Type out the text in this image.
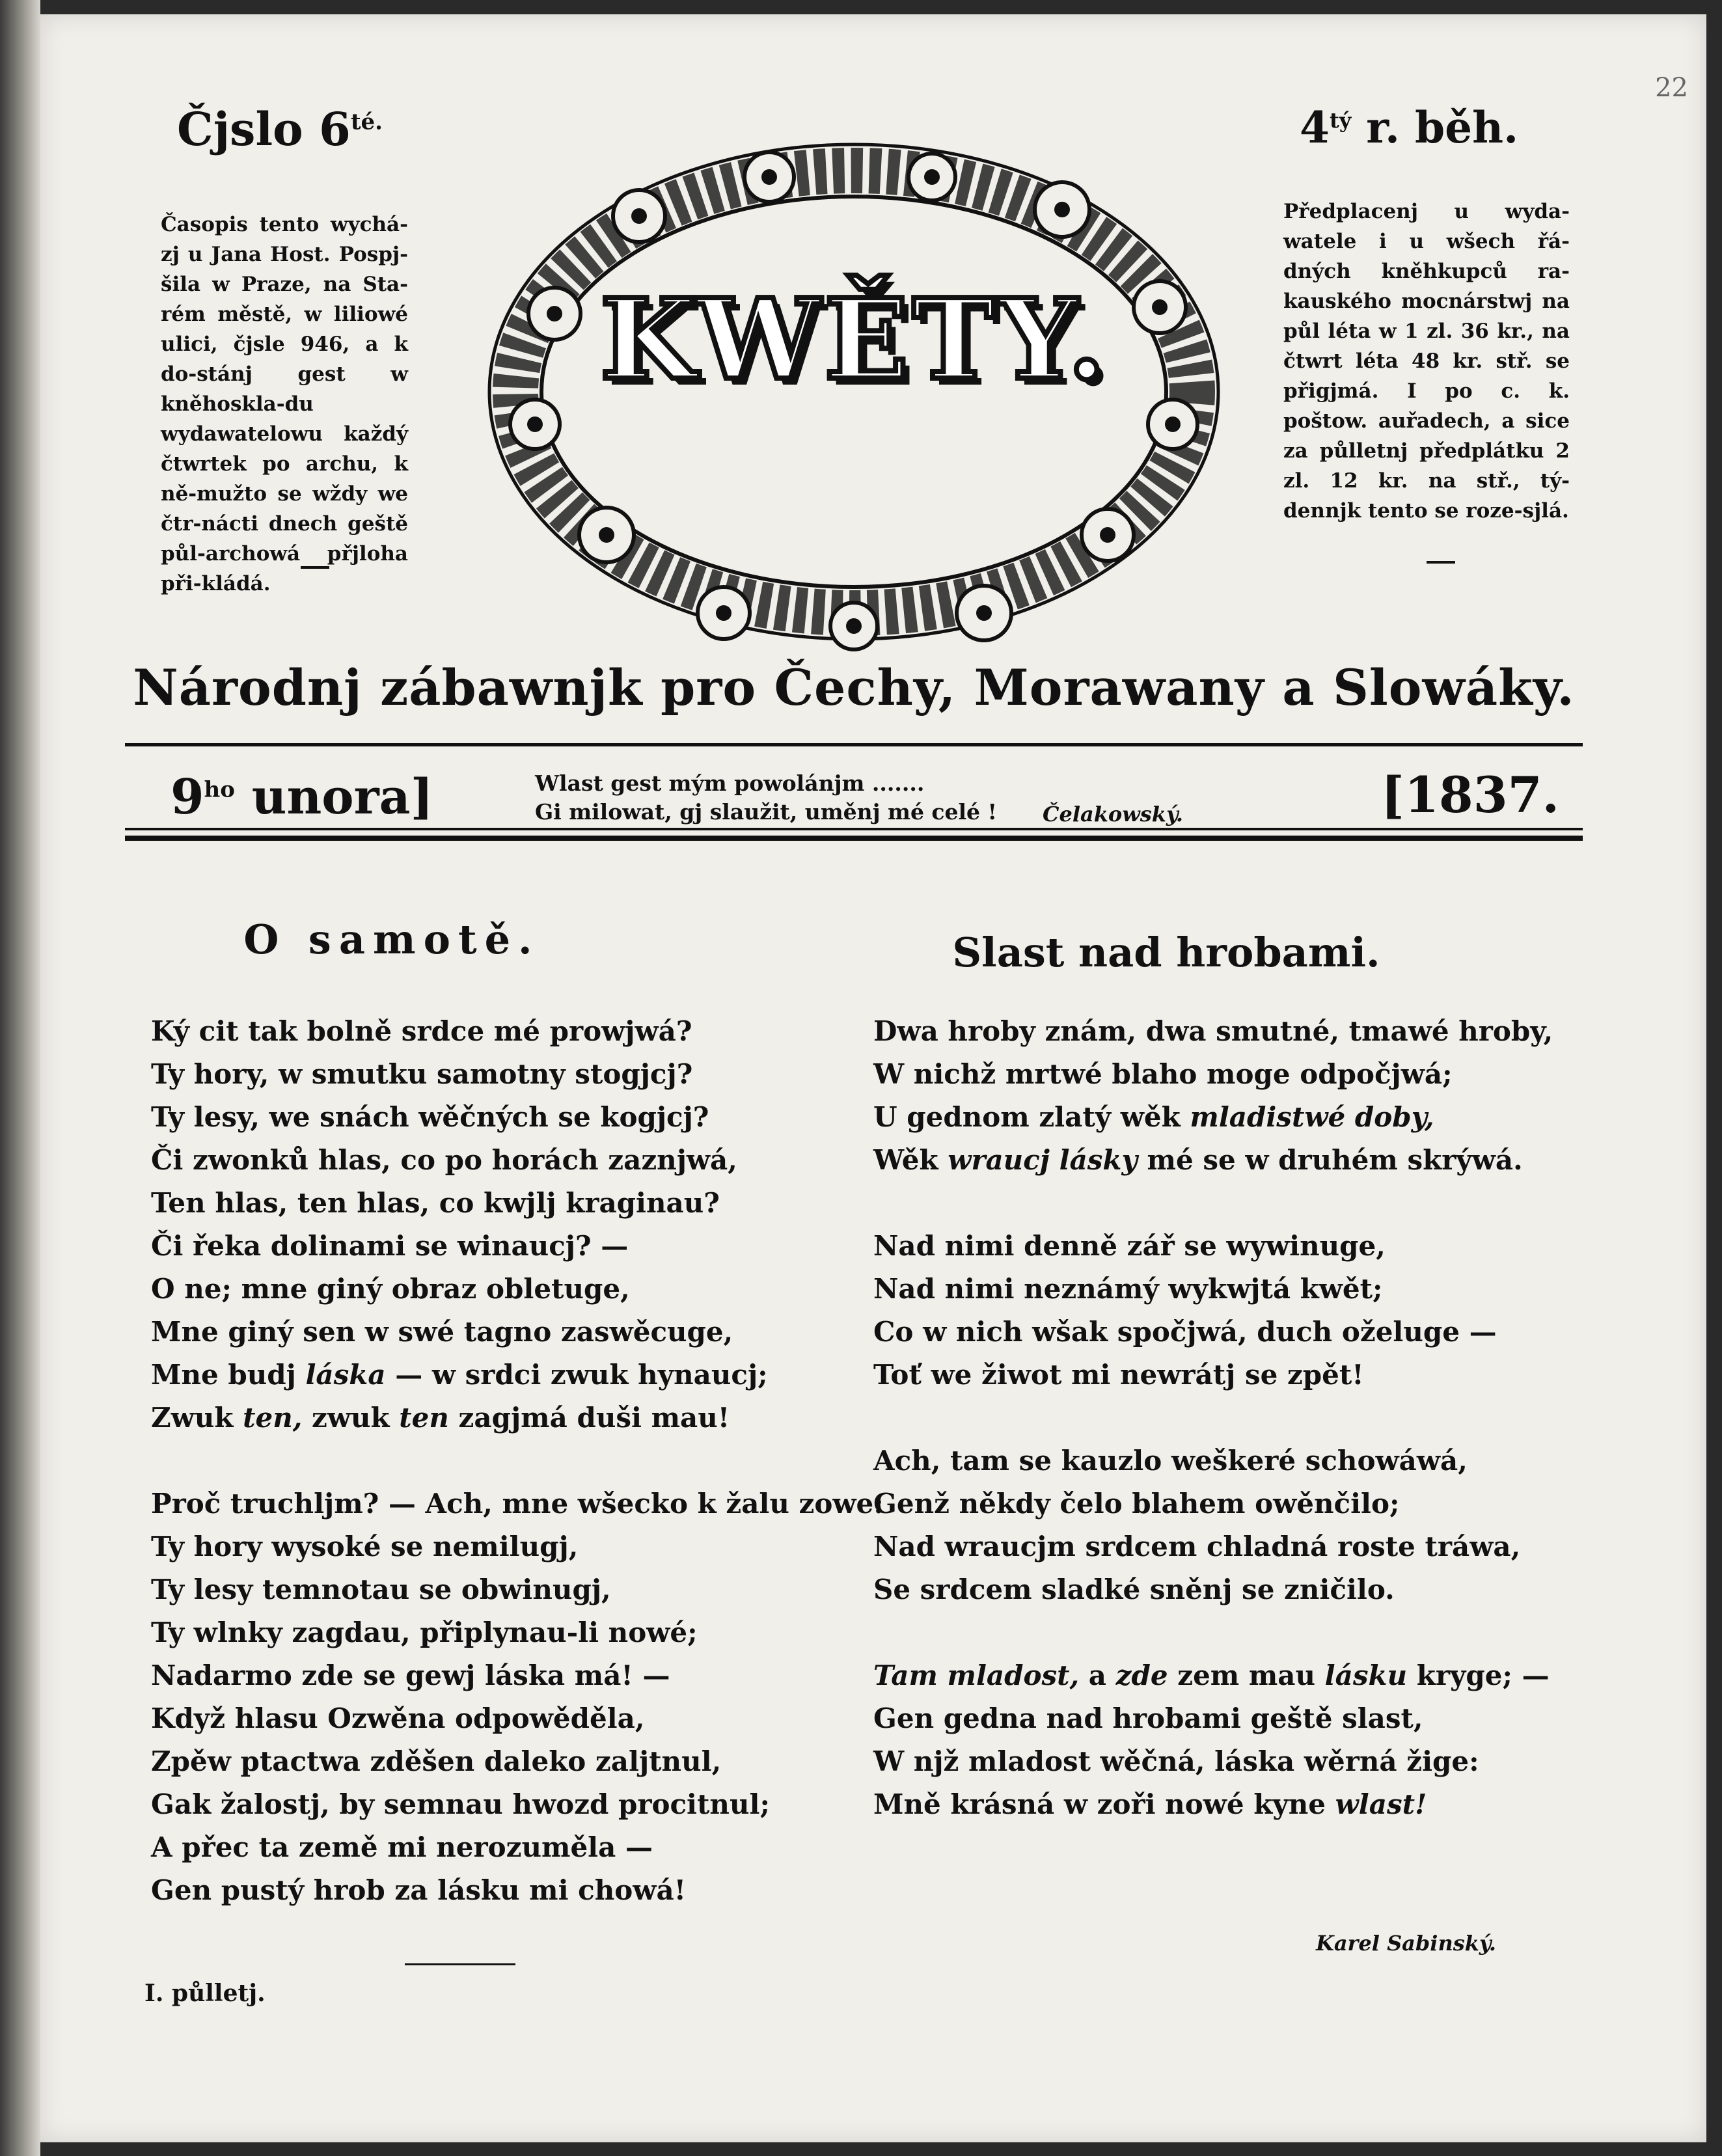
22
Čjslo $6^{té.}$
Časopis tento wychá-zj u Jana Host. Pospj-šila w Praze, na Sta-rém městě, w liliowé ulici, čjsle 946, a k do-stánj gest w kněhoskla-du wydawatelowu každý čtwrtek po archu, k ně-mužto se wždy we čtr-nácti dnech geště půl-archowá přjloha při-kládá.
$4^{tý}$ r. běh.
Předplacenj u wyda-watele i u wšech řá-dných kněhkupců ra-kauského mocnárstwj na půl léta w 1 zl. 36 kr., na čtwrt léta 48 kr. stř. se přigjmá. I po c. k. poštow. auřadech, a sice za půlletnj předplátku 2 zl. 12 kr. na stř., tý-dennjk tento se roze-sjlá.
KWĚTY.
Národnj zábawnjk pro Čechy, Morawany a Slowáky.
$9^{ho}$ unora]	Wlast gest mým powolánjm .......
Gi milowat, gj slaužit, uměnj mé celé ! Čelakowský.	[1837.
O samotě.
Ký cit tak bolně srdce mé prowjwá?
Ty hory, w smutku samotny stogjcj?
Ty lesy, we snách wěčných se kogjcj?
Či zwonků hlas, co po horách zaznjwá,
Ten hlas, ten hlas, co kwjlj kraginau?
Či řeka dolinami se winaucj? —
O ne; mne giný obraz obletuge,
Mne giný sen w swé tagno zaswěcuge,
Mne budj láska — w srdci zwuk hynaucj;
Zwuk ten, zwuk ten zagjmá duši mau!
Proč truchljm? — Ach, mne wšecko k žalu zowe:
Ty hory wysoké se nemilugj,
Ty lesy temnotau se obwinugj,
Ty wlnky zagdau, připlynau-li nowé;
Nadarmo zde se gewj láska má! —
Když hlasu Ozwěna odpowěděla,
Zpěw ptactwa zděšen daleko zaljtnul,
Gak žalostj, by semnau hwozd procitnul;
A přec ta země mi nerozuměla —
Gen pustý hrob za lásku mi chowá!
I. půlletj.
Slast nad hrobami.
Dwa hroby znám, dwa smutné, tmawé hroby,
W nichž mrtwé blaho moge odpočjwá;
U gednom zlatý wěk mladistwé doby,
Wěk wraucj lásky mé se w druhém skrýwá.
Nad nimi denně zář se wywinuge,
Nad nimi neznámý wykwjtá kwět;
Co w nich wšak spočjwá, duch oželuge —
Toť we žiwot mi newrátj se zpět!
Ach, tam se kauzlo weškeré schowáwá,
Genž někdy čelo blahem owěnčilo;
Nad wraucjm srdcem chladná roste tráwa,
Se srdcem sladké sněnj se zničilo.
Tam mladost, a zde zem mau lásku kryge; —
Gen gedna nad hrobami geště slast,
W njž mladost wěčná, láska wěrná žige:
Mně krásná w zoři nowé kyne wlast!
Karel Sabinský.
